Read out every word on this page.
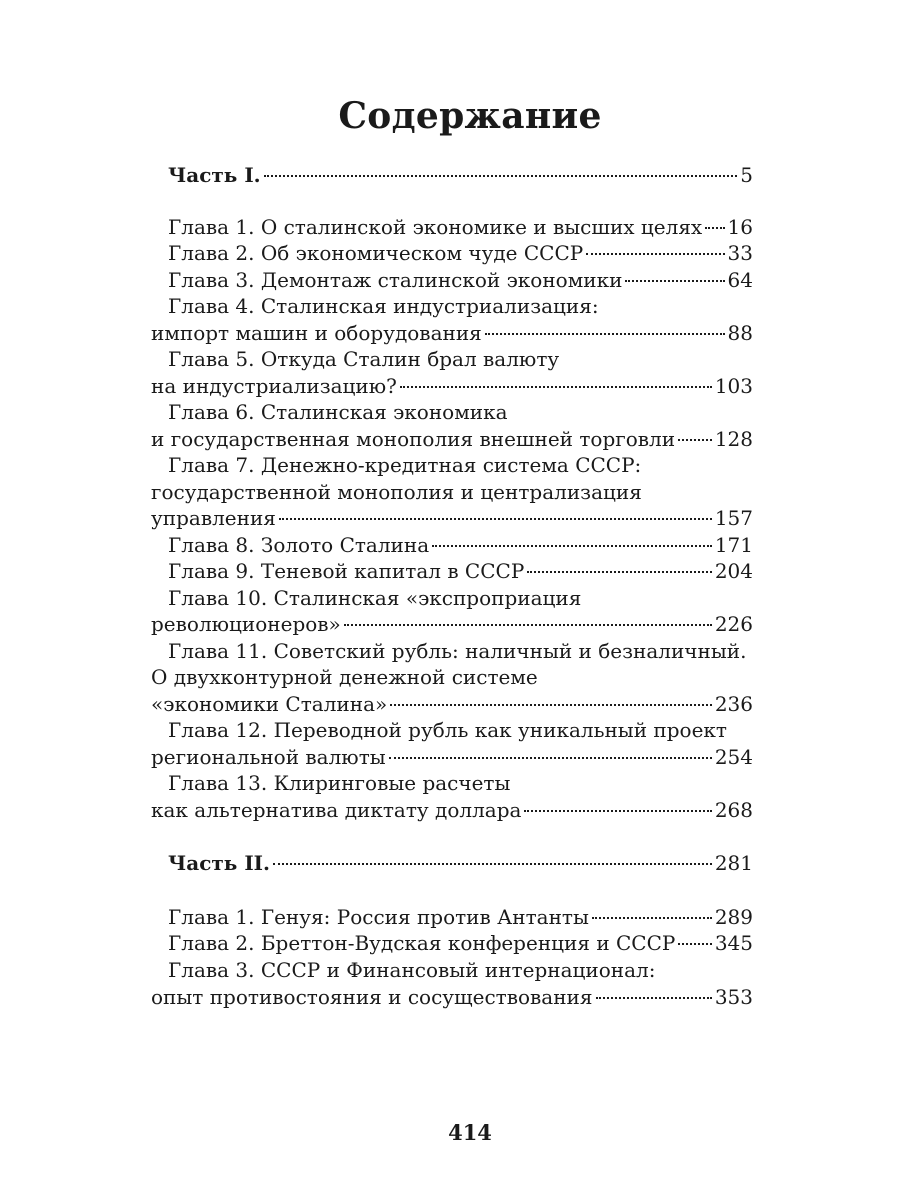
Содержание
Часть I.	5
Глава 1. О сталинской экономике и высших целях 16
Глава 2. Об экономическом чуде СССР	33
Глава 3. Демонтаж сталинской экономики	64
Глава 4. Сталинская индустриализация:
импорт машин и оборудования	88
Глава 5. Откуда Сталин брал валюту
на индустриализацию?	103
Глава 6. Сталинская экономика
и государственная монополия внешней торговли 128
Глава 7. Денежно-кредитная система СССР:
государственной монополия и централизация
управления	157
Глава 8. Золото Сталина	171
Глава 9. Теневой капитал в СССР	204
Глава 10. Сталинская «экспроприация
революционеров»	226
Глава 11. Советский рубль: наличный и безналичный.
О двухконтурной денежной системе
«экономики Сталина»	236
Глава 12. Переводной рубль как уникальный проект
региональной валюты	254
Глава 13. Клиринговые расчеты
как альтернатива диктату доллара	268
Часть II.	281
Глава 1. Генуя: Россия против Антанты	289
Глава 2. Бреттон-Вудская конференция и СССР 345
Глава 3. СССР и Финансовый интернационал:
опыт противостояния и сосуществования	353
414
